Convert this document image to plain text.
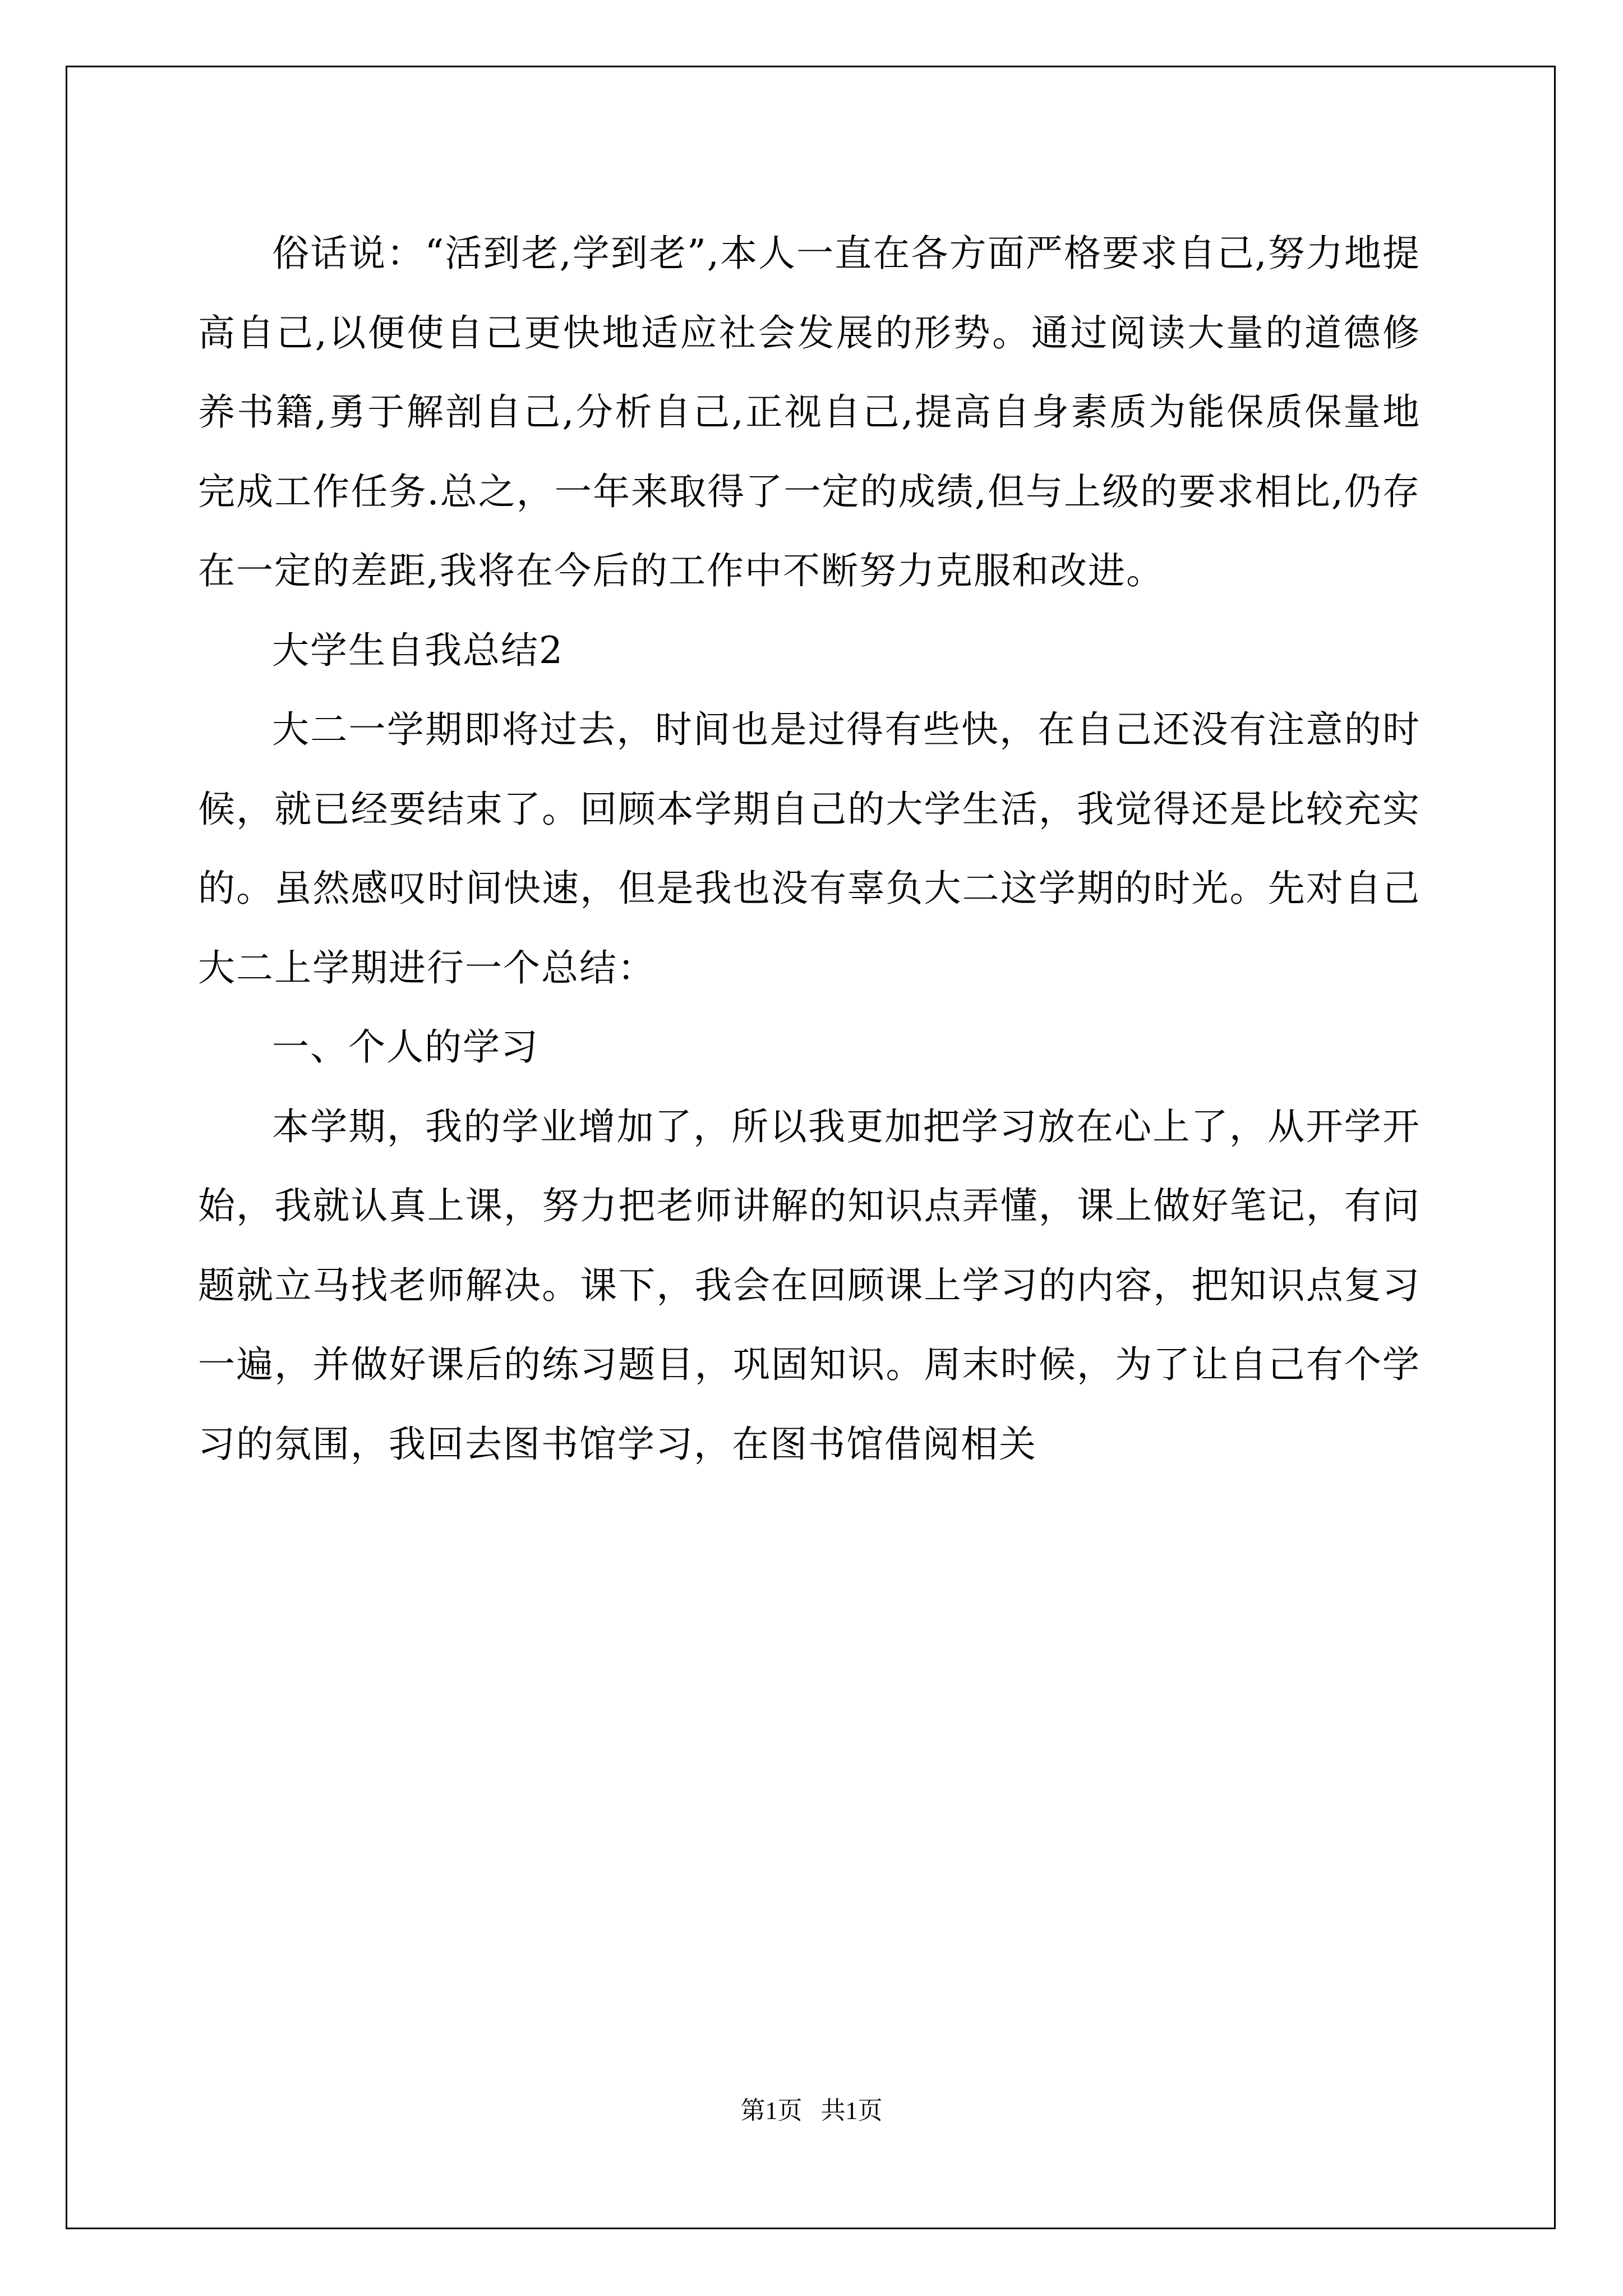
俗话说：“活到老,学到老”,本人一直在各方面严格要求自己,努力地提高自己,以便使自己更快地适应社会发展的形势。通过阅读大量的道德修养书籍,勇于解剖自己,分析自己,正视自己,提高自身素质为能保质保量地完成工作任务.总之，一年来取得了一定的成绩,但与上级的要求相比,仍存在一定的差距,我将在今后的工作中不断努力克服和改进。

大学生自我总结2

大二一学期即将过去，时间也是过得有些快，在自己还没有注意的时候，就已经要结束了。回顾本学期自己的大学生活，我觉得还是比较充实的。虽然感叹时间快速，但是我也没有辜负大二这学期的时光。先对自己大二上学期进行一个总结：

一、个人的学习

本学期，我的学业增加了，所以我更加把学习放在心上了，从开学开始，我就认真上课，努力把老师讲解的知识点弄懂，课上做好笔记，有问题就立马找老师解决。课下，我会在回顾课上学习的内容，把知识点复习一遍，并做好课后的练习题目，巩固知识。周末时候，为了让自己有个学习的氛围，我回去图书馆学习，在图书馆借阅相关

第1页 共1页
